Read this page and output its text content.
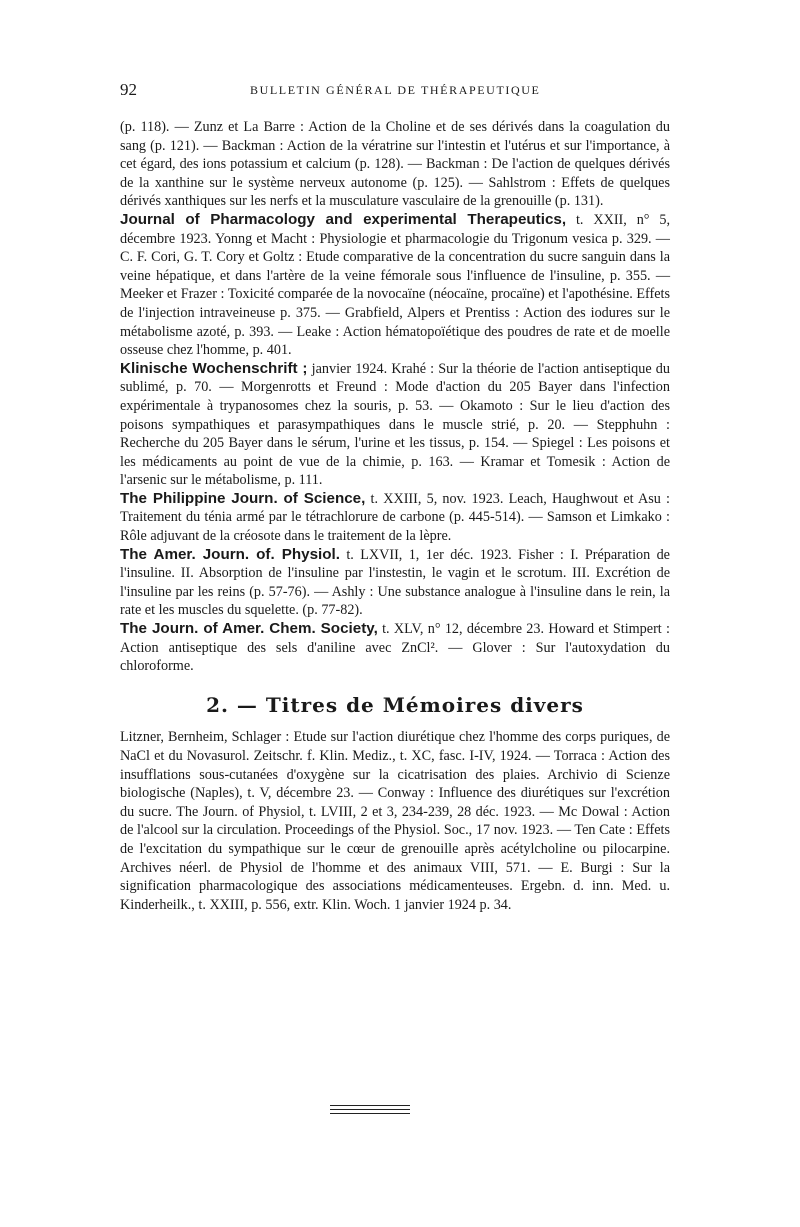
92	BULLETIN GÉNÉRAL DE THÉRAPEUTIQUE

(p. 118). — Zunz et La Barre : Action de la Choline et de ses dérivés dans la coagulation du sang (p. 121). — Backman : Action de la vératrine sur l'intestin et l'utérus et sur l'importance, à cet égard, des ions potassium et calcium (p. 128). — Backman : De l'action de quelques dérivés de la xanthine sur le système nerveux autonome (p. 125). — Sahlstrom : Effets de quelques dérivés xanthiques sur les nerfs et la musculature vasculaire de la grenouille (p. 131).

Journal of Pharmacology and experimental Therapeutics, t. XXII, n° 5, décembre 1923. Yonng et Macht : Physiologie et pharmacologie du Trigonum vesica p. 329. — C. F. Cori, G. T. Cory et Goltz : Etude comparative de la concentration du sucre sanguin dans la veine hépatique, et dans l'artère de la veine fémorale sous l'influence de l'insuline, p. 355. — Meeker et Frazer : Toxicité comparée de la novocaïne (néocaïne, procaïne) et l'apothésine. Effets de l'injection intraveineuse p. 375. — Grabfield, Alpers et Prentiss : Action des iodures sur le métabolisme azoté, p. 393. — Leake : Action hématopoïétique des poudres de rate et de moelle osseuse chez l'homme, p. 401.

Klinische Wochenschrift ; janvier 1924. Krahé : Sur la théorie de l'action antiseptique du sublimé, p. 70. — Morgenrotts et Freund : Mode d'action du 205 Bayer dans l'infection expérimentale à trypanosomes chez la souris, p. 53. — Okamoto : Sur le lieu d'action des poisons sympathiques et parasympathiques dans le muscle strié, p. 20. — Stepphuhn : Recherche du 205 Bayer dans le sérum, l'urine et les tissus, p. 154. — Spiegel : Les poisons et les médicaments au point de vue de la chimie, p. 163. — Kramar et Tomesik : Action de l'arsenic sur le métabolisme, p. 111.

The Philippine Journ. of Science, t. XXIII, 5, nov. 1923. Leach, Haughwout et Asu : Traitement du ténia armé par le tétrachlorure de carbone (p. 445-514). — Samson et Limkako : Rôle adjuvant de la créosote dans le traitement de la lèpre.

The Amer. Journ. of. Physiol. t. LXVII, 1, 1er déc. 1923. Fisher : I. Préparation de l'insuline. II. Absorption de l'insuline par l'instestin, le vagin et le scrotum. III. Excrétion de l'insuline par les reins (p. 57-76). — Ashly : Une substance analogue à l'insuline dans le rein, la rate et les muscles du squelette. (p. 77-82).

The Journ. of Amer. Chem. Society, t. XLV, n° 12, décembre 23. Howard et Stimpert : Action antiseptique des sels d'aniline avec ZnCl². — Glover : Sur l'autoxydation du chloroforme.

2. — Titres de Mémoires divers

Litzner, Bernheim, Schlager : Etude sur l'action diurétique chez l'homme des corps puriques, de NaCl et du Novasurol. Zeitschr. f. Klin. Mediz., t. XC, fasc. I-IV, 1924. — Torraca : Action des insufflations sous-cutanées d'oxygène sur la cicatrisation des plaies. Archivio di Scienze biologische (Naples), t. V, décembre 23. — Conway : Influence des diurétiques sur l'excrétion du sucre. The Journ. of Physiol, t. LVIII, 2 et 3, 234-239, 28 déc. 1923. — Mc Dowal : Action de l'alcool sur la circulation. Proceedings of the Physiol. Soc., 17 nov. 1923. — Ten Cate : Effets de l'excitation du sympathique sur le cœur de grenouille après acétylcholine ou pilocarpine. Archives néerl. de Physiol de l'homme et des animaux VIII, 571. — E. Burgi : Sur la signification pharmacologique des associations médicamenteuses. Ergebn. d. inn. Med. u. Kinderheilk., t. XXIII, p. 556, extr. Klin. Woch. 1 janvier 1924 p. 34.
